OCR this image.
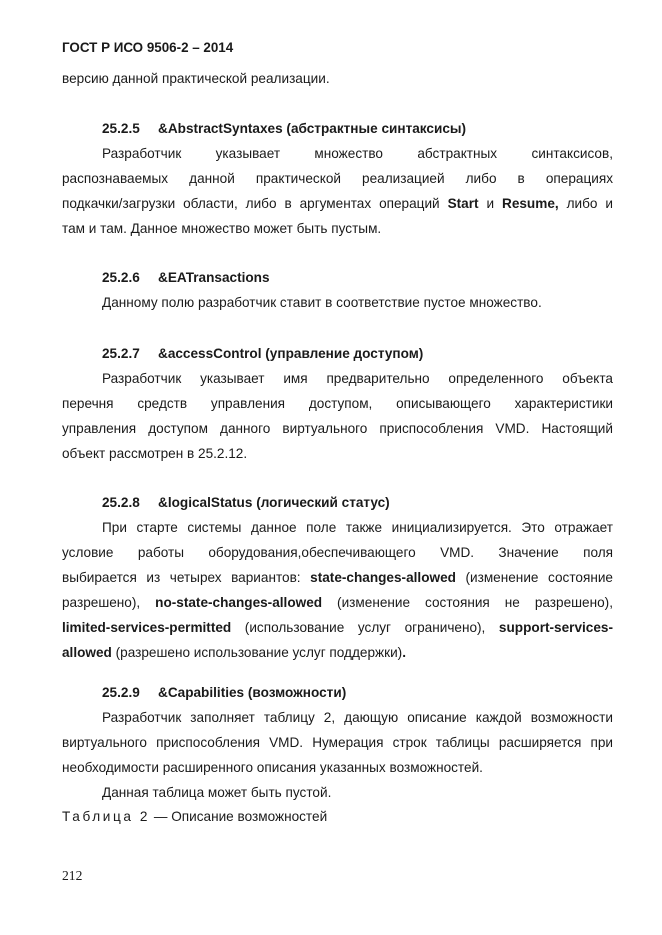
ГОСТ Р ИСО 9506-2 – 2014
версию данной практической реализации.
25.2.5 &AbstractSyntaxes (абстрактные синтаксисы)
Разработчик указывает множество абстрактных синтаксисов,
распознаваемых данной практической реализацией либо в операциях
подкачки/загрузки области, либо в аргументах операций Start и Resume, либо и
там и там. Данное множество может быть пустым.
25.2.6 &EATransactions
Данному полю разработчик ставит в соответствие пустое множество.
25.2.7 &accessControl (управление доступом)
Разработчик указывает имя предварительно определенного объекта
перечня средств управления доступом, описывающего характеристики
управления доступом данного виртуального приспособления VMD. Настоящий
объект рассмотрен в 25.2.12.
25.2.8 &logicalStatus (логический статус)
При старте системы данное поле также инициализируется. Это отражает
условие работы оборудования,обеспечивающего VMD. Значение поля
выбирается из четырех вариантов: state-changes-allowed (изменение состояние
разрешено), no-state-changes-allowed (изменение состояния не разрешено),
limited-services-permitted (использование услуг ограничено), support-services-
allowed (разрешено использование услуг поддержки).
25.2.9 &Capabilities (возможности)
Разработчик заполняет таблицу 2, дающую описание каждой возможности
виртуального приспособления VMD. Нумерация строк таблицы расширяется при
необходимости расширенного описания указанных возможностей.
Данная таблица может быть пустой.
Таблица 2 — Описание возможностей
212
